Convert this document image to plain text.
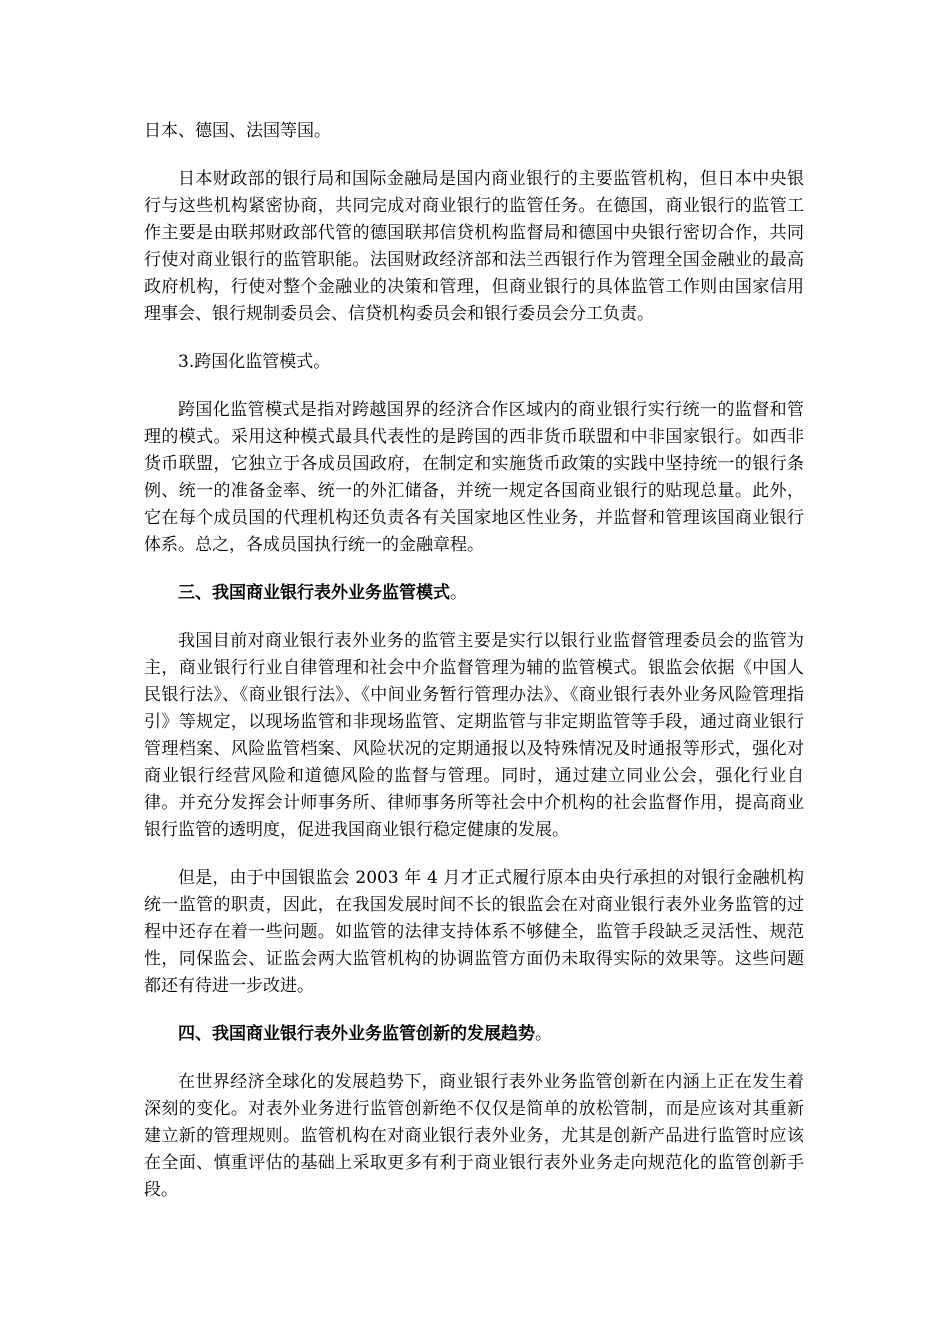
日本、德国、法国等国。

日本财政部的银行局和国际金融局是国内商业银行的主要监管机构，但日本中央银行与这些机构紧密协商，共同完成对商业银行的监管任务。在德国，商业银行的监管工作主要是由联邦财政部代管的德国联邦信贷机构监督局和德国中央银行密切合作，共同行使对商业银行的监管职能。法国财政经济部和法兰西银行作为管理全国金融业的最高政府机构，行使对整个金融业的决策和管理，但商业银行的具体监管工作则由国家信用理事会、银行规制委员会、信贷机构委员会和银行委员会分工负责。

3.跨国化监管模式。

跨国化监管模式是指对跨越国界的经济合作区域内的商业银行实行统一的监督和管理的模式。采用这种模式最具代表性的是跨国的西非货币联盟和中非国家银行。如西非货币联盟，它独立于各成员国政府，在制定和实施货币政策的实践中坚持统一的银行条例、统一的准备金率、统一的外汇储备，并统一规定各国商业银行的贴现总量。此外，它在每个成员国的代理机构还负责各有关国家地区性业务，并监督和管理该国商业银行体系。总之，各成员国执行统一的金融章程。

三、我国商业银行表外业务监管模式。

我国目前对商业银行表外业务的监管主要是实行以银行业监督管理委员会的监管为主，商业银行行业自律管理和社会中介监督管理为辅的监管模式。银监会依据《中国人民银行法》、《商业银行法》、《中间业务暂行管理办法》、《商业银行表外业务风险管理指引》等规定，以现场监管和非现场监管、定期监管与非定期监管等手段，通过商业银行管理档案、风险监管档案、风险状况的定期通报以及特殊情况及时通报等形式，强化对商业银行经营风险和道德风险的监督与管理。同时，通过建立同业公会，强化行业自律。并充分发挥会计师事务所、律师事务所等社会中介机构的社会监督作用，提高商业银行监管的透明度，促进我国商业银行稳定健康的发展。

但是，由于中国银监会 2003 年 4 月才正式履行原本由央行承担的对银行金融机构统一监管的职责，因此，在我国发展时间不长的银监会在对商业银行表外业务监管的过程中还存在着一些问题。如监管的法律支持体系不够健全，监管手段缺乏灵活性、规范性，同保监会、证监会两大监管机构的协调监管方面仍未取得实际的效果等。这些问题都还有待进一步改进。

四、我国商业银行表外业务监管创新的发展趋势。

在世界经济全球化的发展趋势下，商业银行表外业务监管创新在内涵上正在发生着深刻的变化。对表外业务进行监管创新绝不仅仅是简单的放松管制，而是应该对其重新建立新的管理规则。监管机构在对商业银行表外业务，尤其是创新产品进行监管时应该在全面、慎重评估的基础上采取更多有利于商业银行表外业务走向规范化的监管创新手段。
